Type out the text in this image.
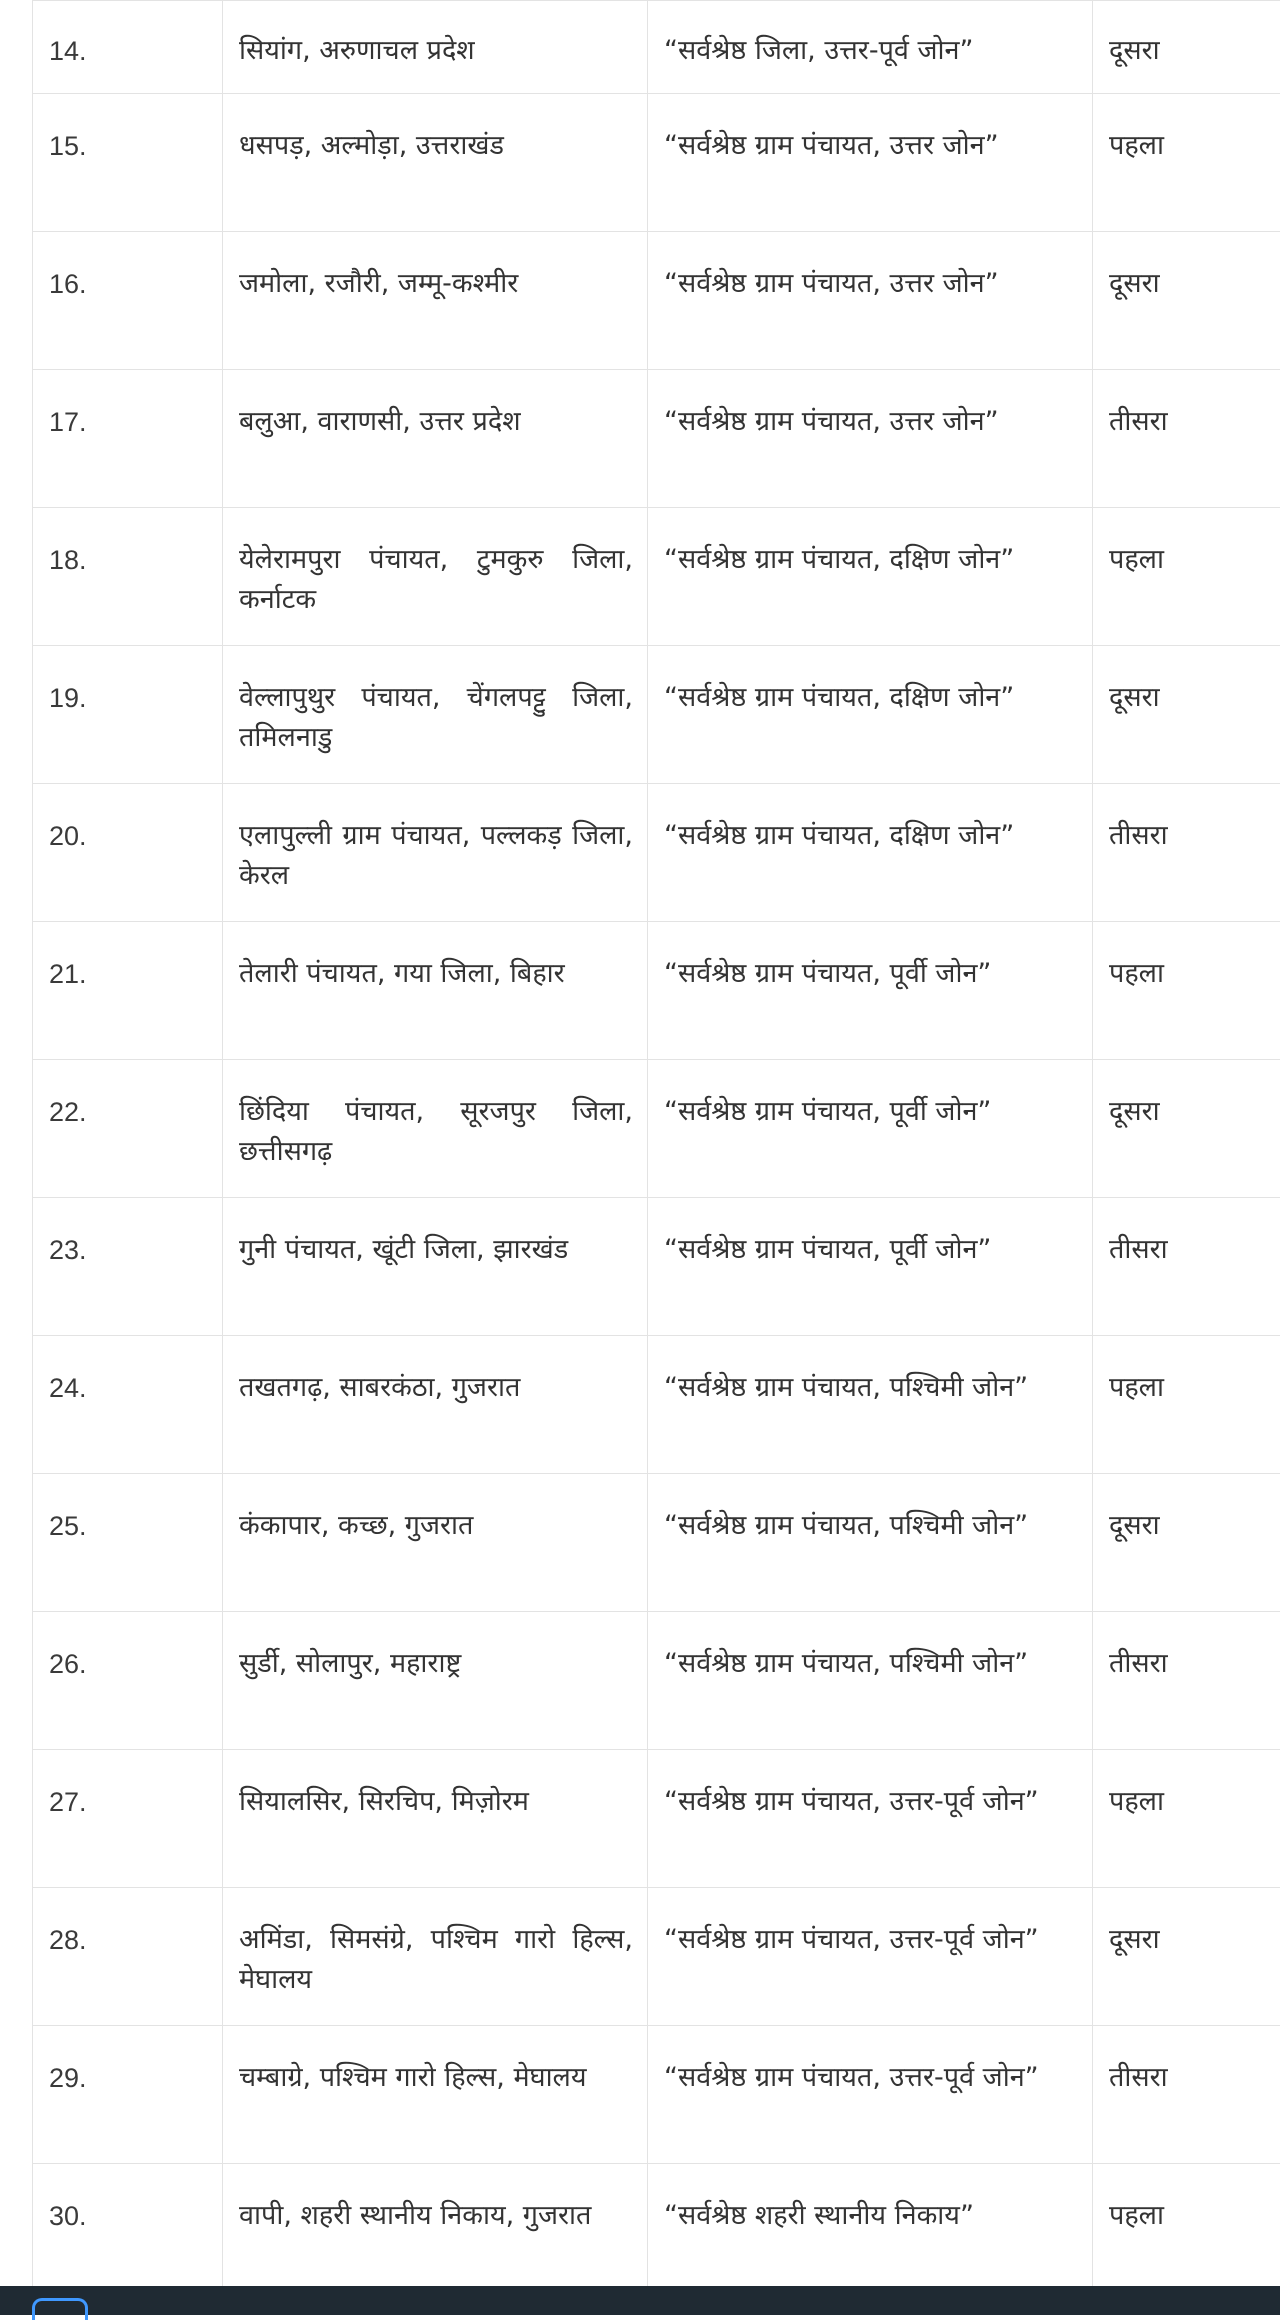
14.	सियांग, अरुणाचल प्रदेश	“सर्वश्रेष्ठ जिला, उत्तर-पूर्व जोन”	दूसरा
15.	धसपड़, अल्मोड़ा, उत्तराखंड	“सर्वश्रेष्ठ ग्राम पंचायत, उत्तर जोन”	पहला
16.	जमोला, रजौरी, जम्मू-कश्मीर	“सर्वश्रेष्ठ ग्राम पंचायत, उत्तर जोन”	दूसरा
17.	बलुआ, वाराणसी, उत्तर प्रदेश	“सर्वश्रेष्ठ ग्राम पंचायत, उत्तर जोन”	तीसरा
18.	येलेरामपुरा पंचायत, टुमकुरु जिला, कर्नाटक	“सर्वश्रेष्ठ ग्राम पंचायत, दक्षिण जोन”	पहला
19.	वेल्लापुथुर पंचायत, चेंगलपट्टु जिला, तमिलनाडु	“सर्वश्रेष्ठ ग्राम पंचायत, दक्षिण जोन”	दूसरा
20.	एलापुल्ली ग्राम पंचायत, पल्लकड़ जिला, केरल	“सर्वश्रेष्ठ ग्राम पंचायत, दक्षिण जोन”	तीसरा
21.	तेलारी पंचायत, गया जिला, बिहार	“सर्वश्रेष्ठ ग्राम पंचायत, पूर्वी जोन”	पहला
22.	छिंदिया पंचायत, सूरजपुर जिला, छत्तीसगढ़	“सर्वश्रेष्ठ ग्राम पंचायत, पूर्वी जोन”	दूसरा
23.	गुनी पंचायत, खूंटी जिला, झारखंड	“सर्वश्रेष्ठ ग्राम पंचायत, पूर्वी जोन”	तीसरा
24.	तखतगढ़, साबरकंठा, गुजरात	“सर्वश्रेष्ठ ग्राम पंचायत, पश्चिमी जोन”	पहला
25.	कंकापार, कच्छ, गुजरात	“सर्वश्रेष्ठ ग्राम पंचायत, पश्चिमी जोन”	दूसरा
26.	सुर्डी, सोलापुर, महाराष्ट्र	“सर्वश्रेष्ठ ग्राम पंचायत, पश्चिमी जोन”	तीसरा
27.	सियालसिर, सिरचिप, मिज़ोरम	“सर्वश्रेष्ठ ग्राम पंचायत, उत्तर-पूर्व जोन”	पहला
28.	अमिंडा, सिमसंग्रे, पश्चिम गारो हिल्स, मेघालय	“सर्वश्रेष्ठ ग्राम पंचायत, उत्तर-पूर्व जोन”	दूसरा
29.	चम्बाग्रे, पश्चिम गारो हिल्स, मेघालय	“सर्वश्रेष्ठ ग्राम पंचायत, उत्तर-पूर्व जोन”	तीसरा
30.	वापी, शहरी स्थानीय निकाय, गुजरात	“सर्वश्रेष्ठ शहरी स्थानीय निकाय”	पहला
